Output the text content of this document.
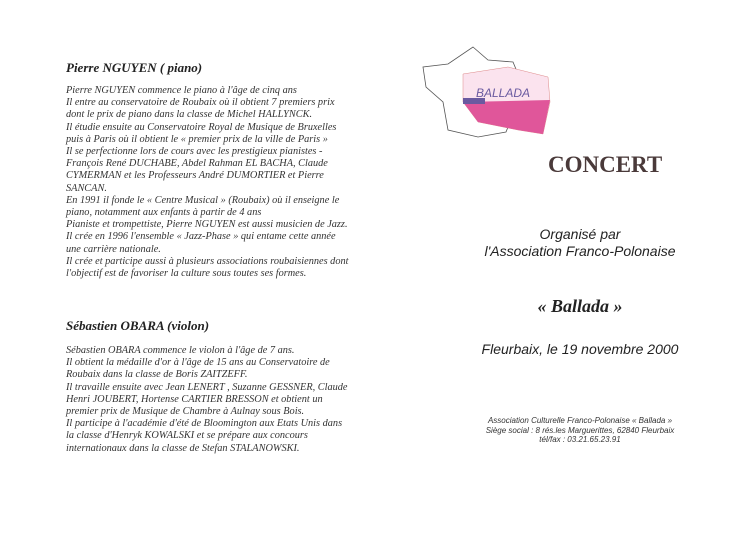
Pierre NGUYEN ( piano)
Pierre NGUYEN commence le piano à l'âge de cinq ans
Il entre au conservatoire de Roubaix où il obtient 7 premiers prix
dont le prix de piano dans la classe de Michel HALLYNCK.
Il étudie ensuite au Conservatoire Royal de Musique de Bruxelles
puis à Paris où il obtient le « premier prix de la ville de Paris »
Il se perfectionne lors de cours avec les prestigieux pianistes -
François René DUCHABE, Abdel Rahman EL BACHA, Claude
CYMERMAN et les Professeurs André DUMORTIER et Pierre
SANCAN.
En 1991 il fonde le « Centre Musical » (Roubaix) où il enseigne le
piano, notamment aux enfants à partir de 4 ans
Pianiste et trompettiste, Pierre NGUYEN est aussi musicien de Jazz.
Il crée en 1996 l'ensemble « Jazz-Phase » qui entame cette année
une carrière nationale.
Il crée et participe aussi à plusieurs associations roubaisiennes dont
l'objectif est de favoriser la culture sous toutes ses formes.
Sébastien OBARA (violon)
Sébastien OBARA commence le violon à l'âge de 7 ans.
Il obtient la médaille d'or à l'âge de 15 ans au Conservatoire de
Roubaix dans la classe de Boris ZAITZEFF.
Il travaille ensuite avec Jean LENERT , Suzanne GESSNER, Claude
Henri JOUBERT, Hortense CARTIER BRESSON et obtient un
premier prix de Musique de Chambre à Aulnay sous Bois.
Il participe à l'académie d'été de Bloomington aux Etats Unis dans
la classe d'Henryk KOWALSKI et se prépare aux concours
internationaux dans la classe de Stefan STALANOWSKI.
BALLADA
CONCERT
Organisé par
l'Association Franco-Polonaise
« Ballada »
Fleurbaix, le 19 novembre 2000
Association Culturelle Franco-Polonaise « Ballada »
Siège social : 8 rés.les Marguerittes, 62840 Fleurbaix
tél/fax : 03.21.65.23.91
